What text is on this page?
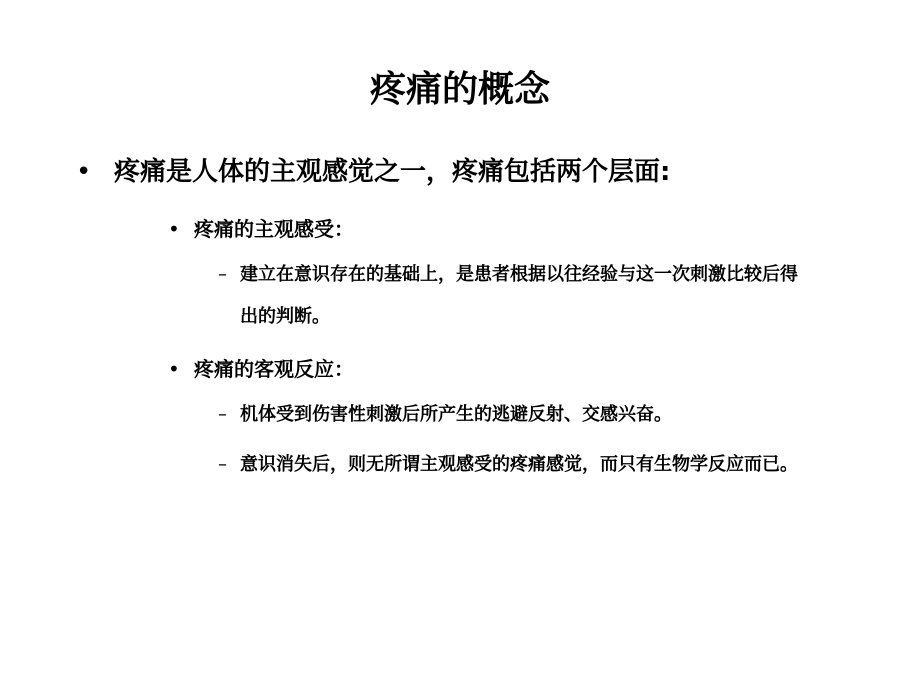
疼痛的概念
• 疼痛是人体的主观感觉之一，疼痛包括两个层面:
• 疼痛的主观感受：
– 建立在意识存在的基础上，是患者根据以往经验与这一次刺激比较后得出的判断。
• 疼痛的客观反应：
– 机体受到伤害性刺激后所产生的逃避反射、交感兴奋。
– 意识消失后，则无所谓主观感受的疼痛感觉，而只有生物学反应而已。
